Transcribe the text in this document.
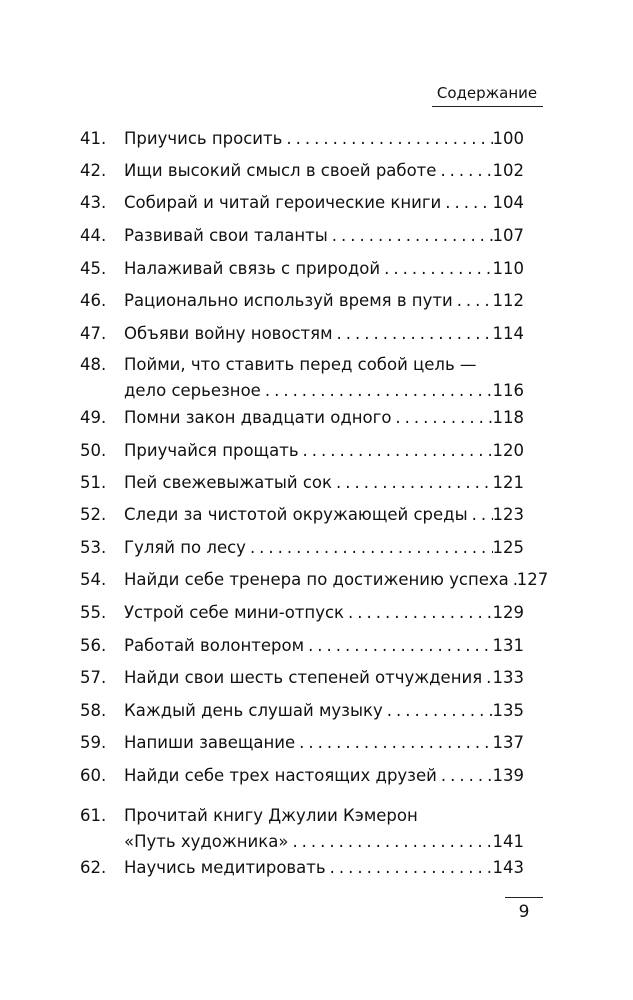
Содержание
41.	Приучись просить .....	100
42.	Ищи высокий смысл в своей работе .....	102
43.	Собирай и читай героические книги .....	104
44.	Развивай свои таланты .....	107
45.	Налаживай связь с природой .....	110
46.	Рационально используй время в пути ..... 112
47.	Объяви войну новостям .....	114
48.	Пойми, что ставить перед собой цель —
дело серьезное .....	116
49.	Помни закон двадцати одного .....	118
50.	Приучайся прощать .....	120
51.	Пей свежевыжатый сок .....	121
52.	Следи за чистотой окружающей среды ..... 123
53.	Гуляй по лесу .....	125
54.	Найди себе тренера по достижению успеха ..... 127
55.	Устрой себе мини-отпуск .....	129
56.	Работай волонтером .....	131
57.	Найди свои шесть степеней отчуждения ..... 133
58.	Каждый день слушай музыку .....	135
59.	Напиши завещание .....	137
60.	Найди себе трех настоящих друзей .....	139
61.	Прочитай книгу Джулии Кэмерон
«Путь художника» .....	141
62.	Научись медитировать .....	143
9
